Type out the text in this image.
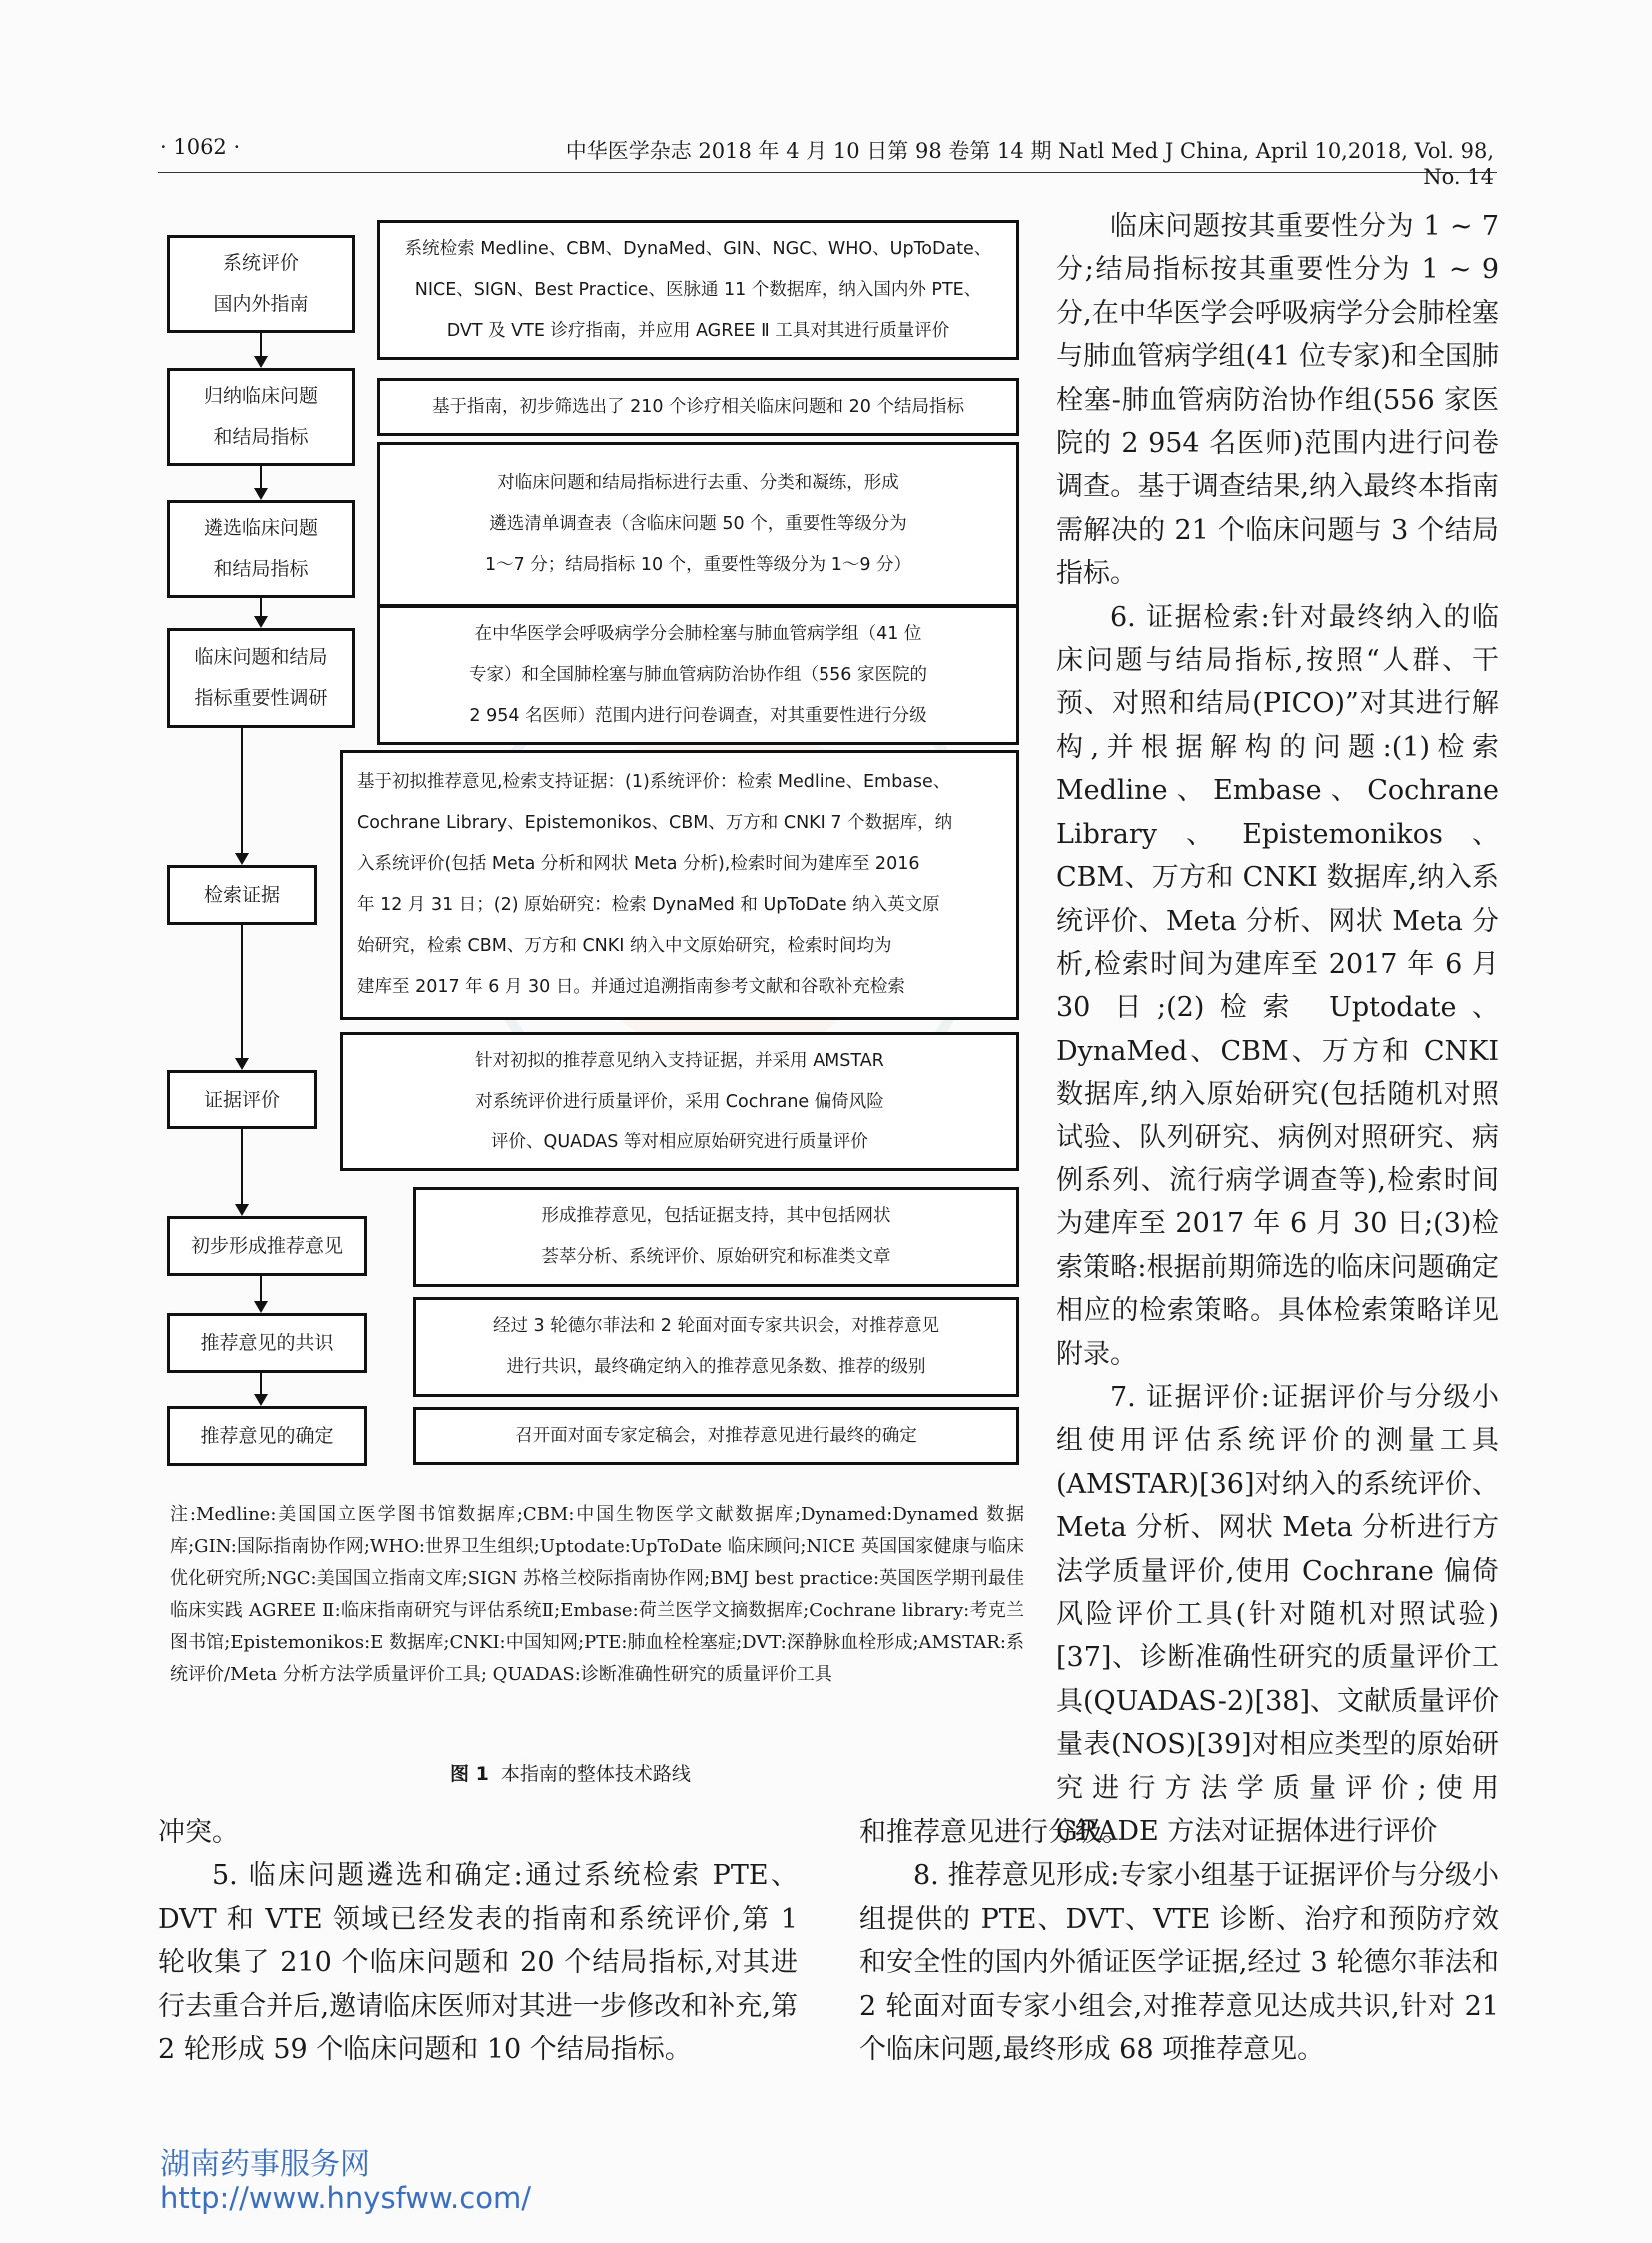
· 1062 ·	中华医学杂志 2018 年 4 月 10 日第 98 卷第 14 期 Natl Med J China, April 10,2018, Vol. 98, No. 14
系统评价
国内外指南
归纳临床问题
和结局指标
遴选临床问题
和结局指标
临床问题和结局
指标重要性调研
检索证据
证据评价
初步形成推荐意见
推荐意见的共识
推荐意见的确定
系统检索 Medline、CBM、DynaMed、GIN、NGC、WHO、UpToDate、
NICE、SIGN、Best Practice、医脉通 11 个数据库，纳入国内外 PTE、
DVT 及 VTE 诊疗指南，并应用 AGREE Ⅱ 工具对其进行质量评价
基于指南，初步筛选出了 210 个诊疗相关临床问题和 20 个结局指标
对临床问题和结局指标进行去重、分类和凝练，形成
遴选清单调查表（含临床问题 50 个，重要性等级分为
1～7 分；结局指标 10 个，重要性等级分为 1～9 分）
在中华医学会呼吸病学分会肺栓塞与肺血管病学组（41 位
专家）和全国肺栓塞与肺血管病防治协作组（556 家医院的
2 954 名医师）范围内进行问卷调查，对其重要性进行分级
基于初拟推荐意见,检索支持证据：(1)系统评价：检索 Medline、Embase、
Cochrane Library、Epistemonikos、CBM、万方和 CNKI 7 个数据库，纳
入系统评价(包括 Meta 分析和网状 Meta 分析),检索时间为建库至 2016
年 12 月 31 日；(2) 原始研究：检索 DynaMed 和 UpToDate 纳入英文原
始研究，检索 CBM、万方和 CNKI 纳入中文原始研究，检索时间均为
建库至 2017 年 6 月 30 日。并通过追溯指南参考文献和谷歌补充检索
针对初拟的推荐意见纳入支持证据，并采用 AMSTAR
对系统评价进行质量评价，采用 Cochrane 偏倚风险
评价、QUADAS 等对相应原始研究进行质量评价
形成推荐意见，包括证据支持，其中包括网状
荟萃分析、系统评价、原始研究和标准类文章
经过 3 轮德尔菲法和 2 轮面对面专家共识会，对推荐意见
进行共识，最终确定纳入的推荐意见条数、推荐的级别
召开面对面专家定稿会，对推荐意见进行最终的确定
注:Medline:美国国立医学图书馆数据库;CBM:中国生物医学文献数据库;Dynamed:Dynamed 数据库;GIN:国际指南协作网;WHO:世界卫生组织;Uptodate:UpToDate 临床顾问;NICE 英国国家健康与临床优化研究所;NGC:美国国立指南文库;SIGN 苏格兰校际指南协作网;BMJ best practice:英国医学期刊最佳临床实践 AGREE Ⅱ:临床指南研究与评估系统Ⅱ;Embase:荷兰医学文摘数据库;Cochrane library:考克兰图书馆;Epistemonikos:E 数据库;CNKI:中国知网;PTE:肺血栓栓塞症;DVT:深静脉血栓形成;AMSTAR:系统评价/Meta 分析方法学质量评价工具; QUADAS:诊断准确性研究的质量评价工具
图 1 本指南的整体技术路线

临床问题按其重要性分为 1 ~ 7 分;结局指标按其重要性分为 1 ~ 9 分,在中华医学会呼吸病学分会肺栓塞与肺血管病学组(41 位专家)和全国肺栓塞-肺血管病防治协作组(556 家医院的 2 954 名医师)范围内进行问卷调查。基于调查结果,纳入最终本指南需解决的 21 个临床问题与 3 个结局指标。

6. 证据检索:针对最终纳入的临床问题与结局指标,按照“人群、干预、对照和结局(PICO)”对其进行解构,并根据解构的问题:(1)检索 Medline、Embase、Cochrane Library、Epistemonikos、CBM、万方和 CNKI 数据库,纳入系统评价、Meta 分析、网状 Meta 分析,检索时间为建库至 2017 年 6 月 30 日;(2)检索 Uptodate、DynaMed、CBM、万方和 CNKI 数据库,纳入原始研究(包括随机对照试验、队列研究、病例对照研究、病例系列、流行病学调查等),检索时间为建库至 2017 年 6 月 30 日;(3)检索策略:根据前期筛选的临床问题确定相应的检索策略。具体检索策略详见附录。

7. 证据评价:证据评价与分级小组使用评估系统评价的测量工具(AMSTAR)[36]对纳入的系统评价、Meta 分析、网状 Meta 分析进行方法学质量评价,使用 Cochrane 偏倚风险评价工具(针对随机对照试验)[37]、诊断准确性研究的质量评价工具(QUADAS-2)[38]、文献质量评价量表(NOS)[39]对相应类型的原始研究进行方法学质量评价;使用 GRADE 方法对证据体进行评价

冲突。

5. 临床问题遴选和确定:通过系统检索 PTE、DVT 和 VTE 领域已经发表的指南和系统评价,第 1 轮收集了 210 个临床问题和 20 个结局指标,对其进行去重合并后,邀请临床医师对其进一步修改和补充,第 2 轮形成 59 个临床问题和 10 个结局指标。

和推荐意见进行分级。

8. 推荐意见形成:专家小组基于证据评价与分级小组提供的 PTE、DVT、VTE 诊断、治疗和预防疗效和安全性的国内外循证医学证据,经过 3 轮德尔菲法和 2 轮面对面专家小组会,对推荐意见达成共识,针对 21 个临床问题,最终形成 68 项推荐意见。

湖南药事服务网
http://www.hnysfww.com/
